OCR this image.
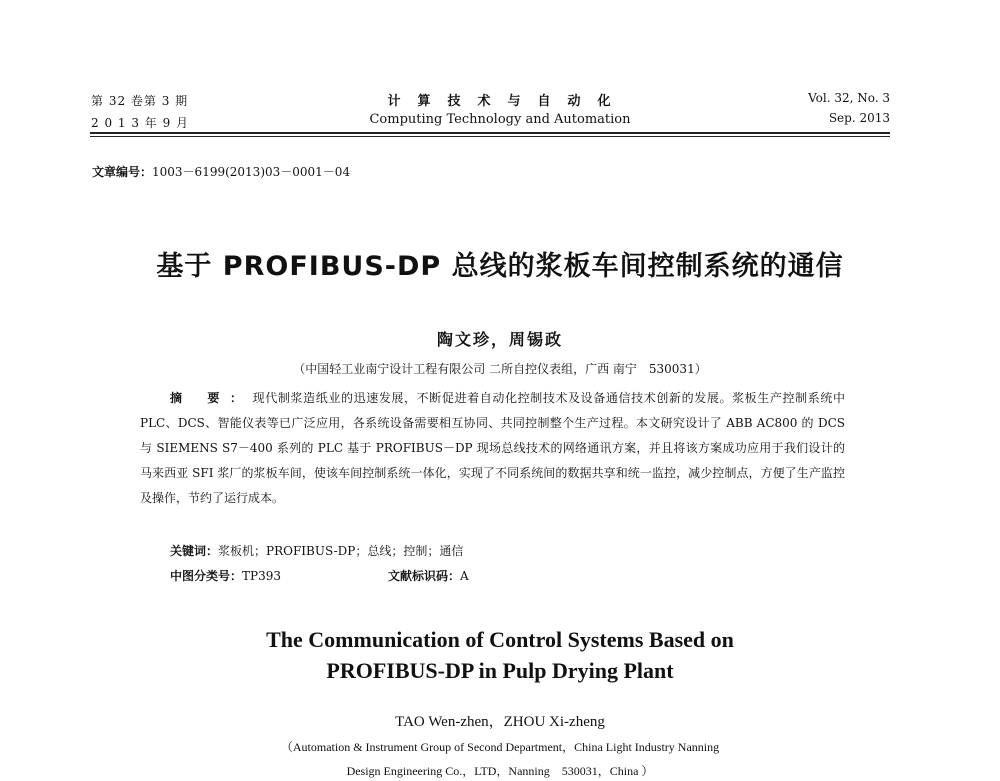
第 32 卷第 3 期
2 0 1 3 年 9 月
计　算　技　术　与　自　动　化
Computing Technology and Automation
Vol. 32, No. 3
Sep. 2013
文章编号：1003－6199(2013)03－0001－04
基于 PROFIBUS-DP 总线的浆板车间控制系统的通信
陶文珍，周锡政
（中国轻工业南宁设计工程有限公司 二所自控仪表组，广西 南宁　530031）
摘 要：现代制浆造纸业的迅速发展，不断促进着自动化控制技术及设备通信技术创新的发展。浆板生产控制系统中 PLC、DCS、智能仪表等已广泛应用，各系统设备需要相互协同、共同控制整个生产过程。本文研究设计了 ABB AC800 的 DCS 与 SIEMENS S7－400 系列的 PLC 基于 PROFIBUS－DP 现场总线技术的网络通讯方案，并且将该方案成功应用于我们设计的马来西亚 SFI 浆厂的浆板车间，使该车间控制系统一体化，实现了不同系统间的数据共享和统一监控，减少控制点，方便了生产监控及操作，节约了运行成本。
关键词：浆板机；PROFIBUS-DP；总线；控制；通信
中图分类号：TP393	文献标识码：A
The Communication of Control Systems Based on
PROFIBUS-DP in Pulp Drying Plant
TAO Wen-zhen，ZHOU Xi-zheng
（Automation & Instrument Group of Second Department，China Light Industry Nanning
Design Engineering Co.，LTD，Nanning　530031，China ）
